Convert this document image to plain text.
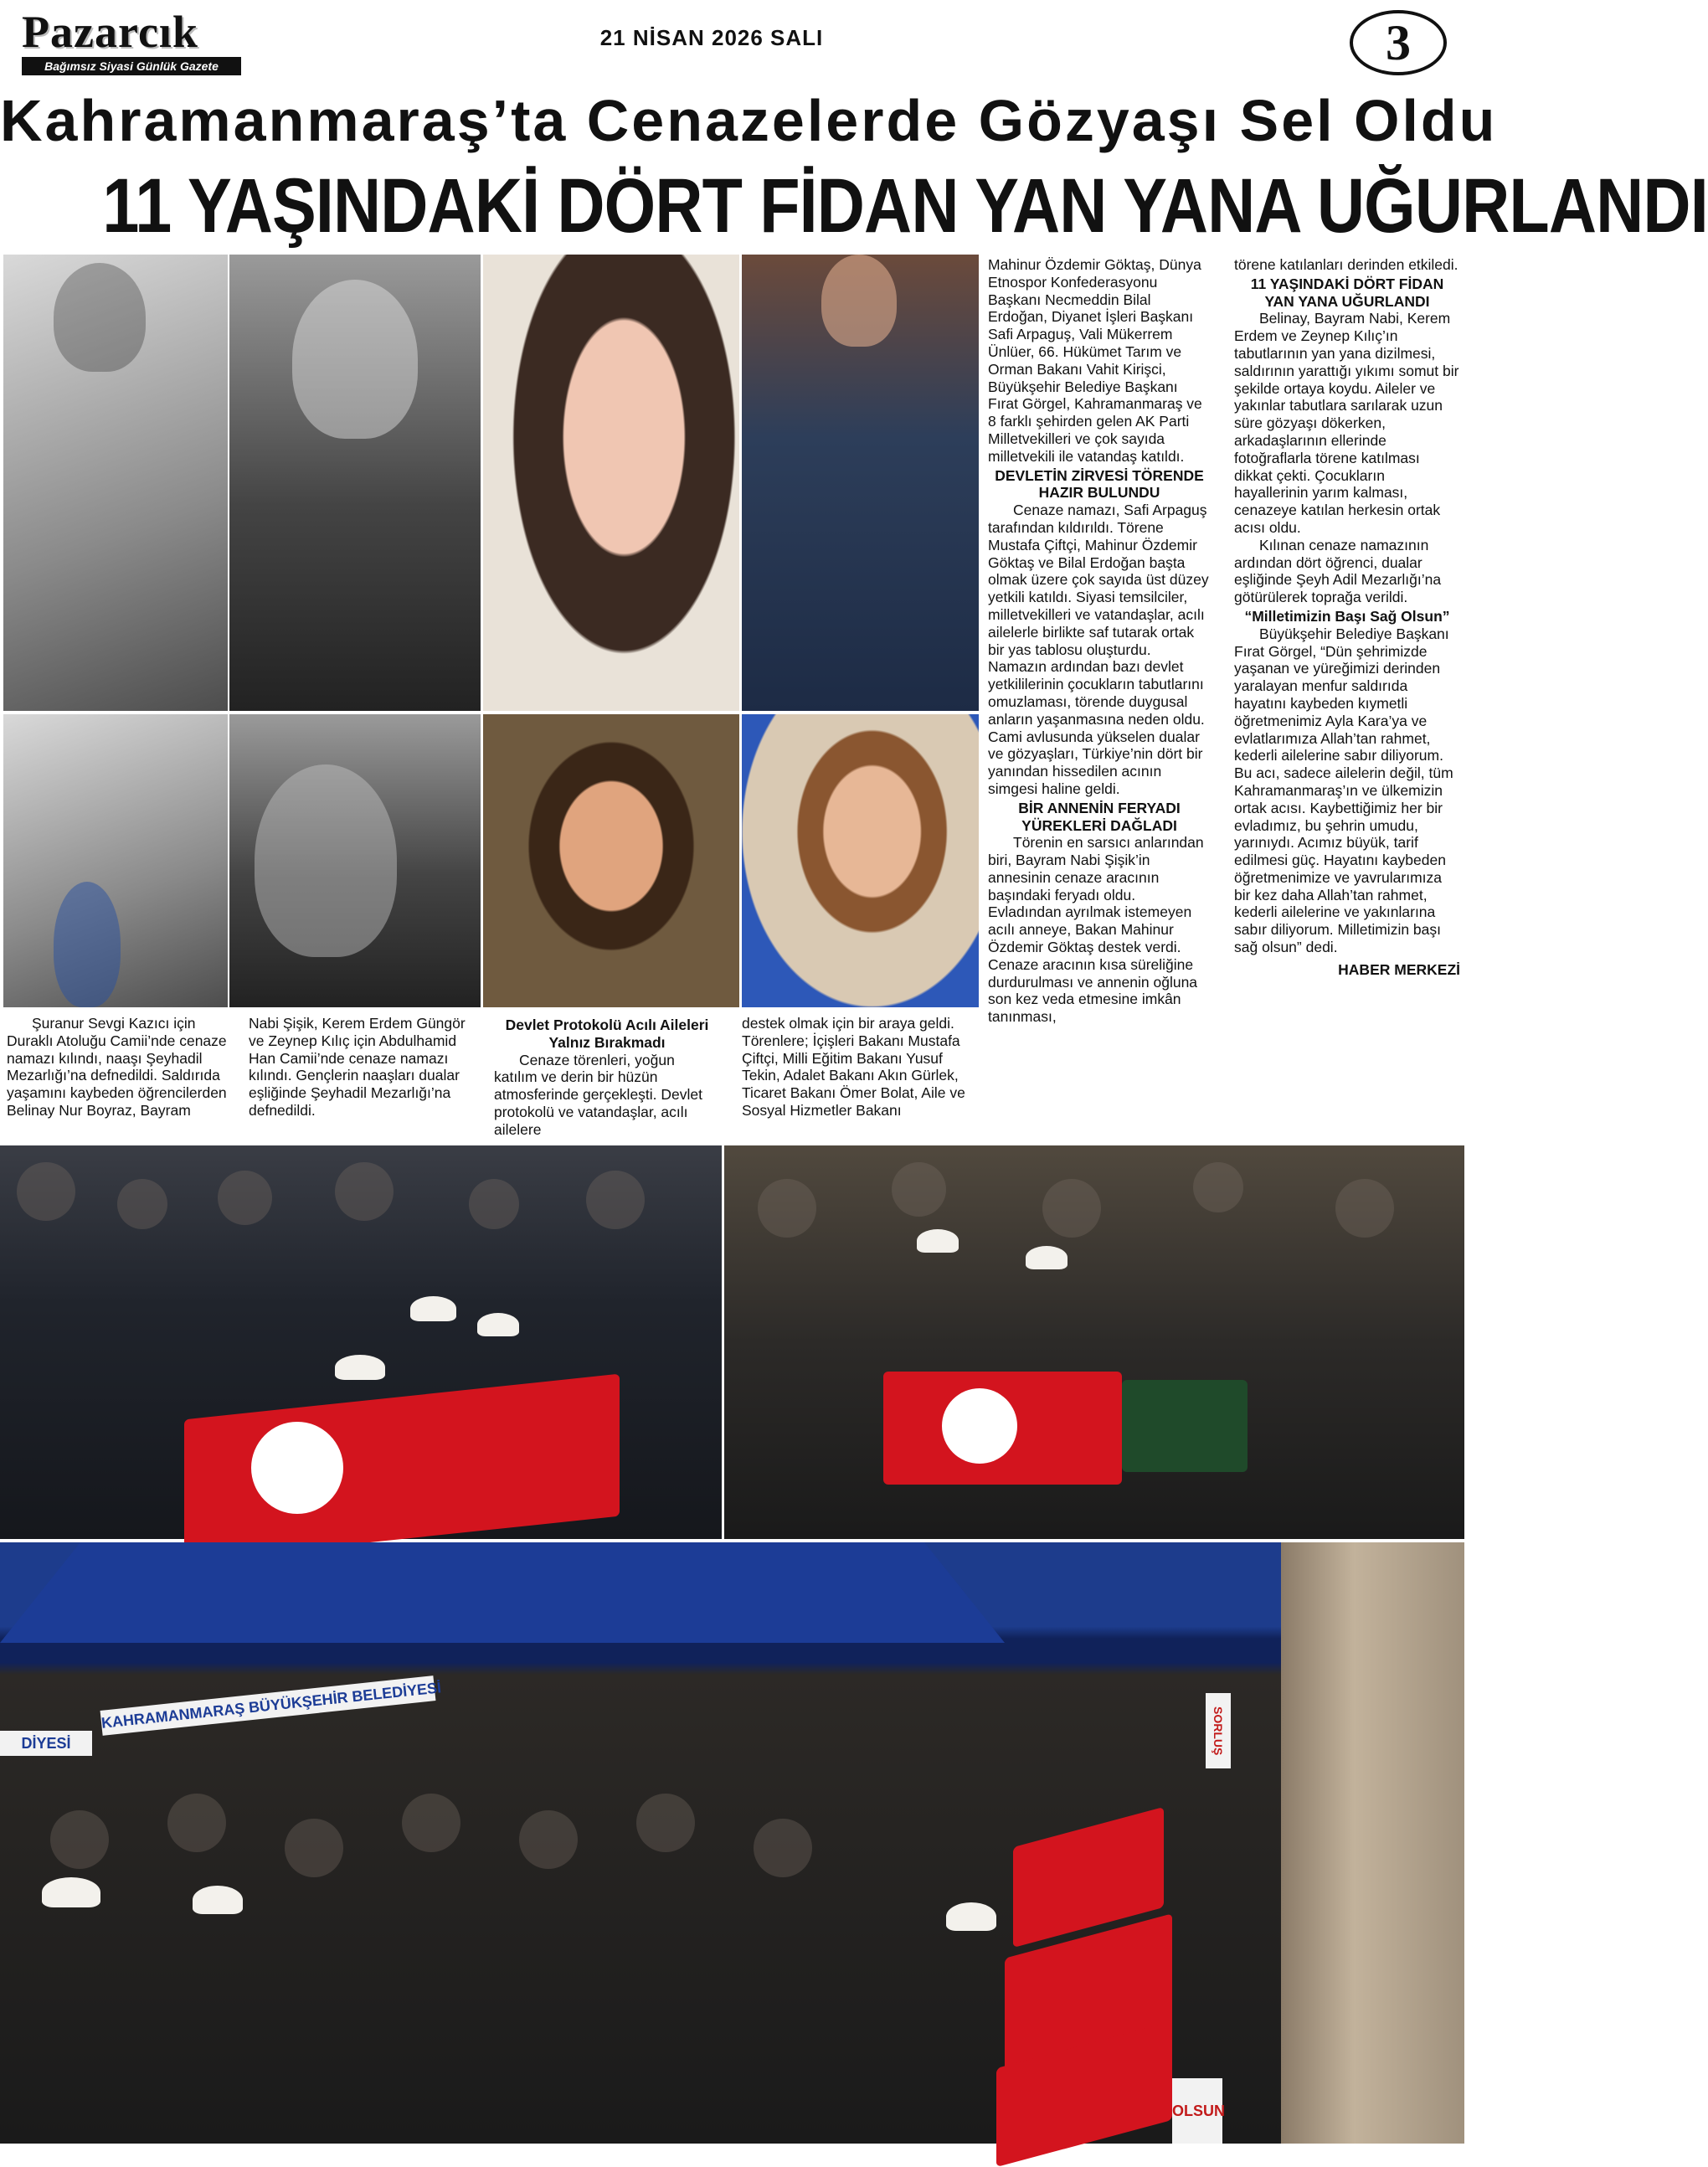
Pazarcık
Bağımsız Siyasi Günlük Gazete
21 NİSAN 2026 SALI	3
Kahramanmaraş’ta Cenazelerde Gözyaşı Sel Oldu
11 YAŞINDAKİ DÖRT FİDAN YAN YANA UĞURLANDI

Şuranur Sevgi Kazıcı için Duraklı Atoluğu Camii’nde cenaze namazı kılındı, naaşı Şeyhadil Mezarlığı’na defnedildi. Saldırıda yaşamını kaybeden öğrencilerden Belinay Nur Boyraz, Bayram

Nabi Şişik, Kerem Erdem Güngör ve Zeynep Kılıç için Abdulhamid Han Camii’nde cenaze namazı kılındı. Gençlerin naaşları dualar eşliğinde Şeyhadil Mezarlığı’na defnedildi.

Devlet Protokolü Acılı Aileleri Yalnız Bırakmadı

Cenaze törenleri, yoğun katılım ve derin bir hüzün atmosferinde gerçekleşti. Devlet protokolü ve vatandaşlar, acılı ailelere

destek olmak için bir araya geldi. Törenlere; İçişleri Bakanı Mustafa Çiftçi, Milli Eğitim Bakanı Yusuf Tekin, Adalet Bakanı Akın Gürlek, Ticaret Bakanı Ömer Bolat, Aile ve Sosyal Hizmetler Bakanı

Mahinur Özdemir Göktaş, Dünya Etnospor Konfederasyonu Başkanı Necmeddin Bilal Erdoğan, Diyanet İşleri Başkanı Safi Arpaguş, Vali Mükerrem Ünlüer, 66. Hükümet Tarım ve Orman Bakanı Vahit Kirişci, Büyükşehir Belediye Başkanı Fırat Görgel, Kahramanmaraş ve 8 farklı şehirden gelen AK Parti Milletvekilleri ve çok sayıda milletvekili ile vatandaş katıldı.

DEVLETİN ZİRVESİ TÖRENDE HAZIR BULUNDU

Cenaze namazı, Safi Arpaguş tarafından kıldırıldı. Törene Mustafa Çiftçi, Mahinur Özdemir Göktaş ve Bilal Erdoğan başta olmak üzere çok sayıda üst düzey yetkili katıldı. Siyasi temsilciler, milletvekilleri ve vatandaşlar, acılı ailelerle birlikte saf tutarak ortak bir yas tablosu oluşturdu. Namazın ardından bazı devlet yetkililerinin çocukların tabutlarını omuzlaması, törende duygusal anların yaşanmasına neden oldu. Cami avlusunda yükselen dualar ve gözyaşları, Türkiye’nin dört bir yanından hissedilen acının simgesi haline geldi.

BİR ANNENİN FERYADI YÜREKLERİ DAĞLADI

Törenin en sarsıcı anlarından biri, Bayram Nabi Şişik’in annesinin cenaze aracının başındaki feryadı oldu. Evladından ayrılmak istemeyen acılı anneye, Bakan Mahinur Özdemir Göktaş destek verdi. Cenaze aracının kısa süreliğine durdurulması ve annenin oğluna son kez veda etmesine imkân tanınması,

törene katılanları derinden etkiledi.

11 YAŞINDAKİ DÖRT FİDAN YAN YANA UĞURLANDI

Belinay, Bayram Nabi, Kerem Erdem ve Zeynep Kılıç’ın tabutlarının yan yana dizilmesi, saldırının yarattığı yıkımı somut bir şekilde ortaya koydu. Aileler ve yakınlar tabutlara sarılarak uzun süre gözyaşı dökerken, arkadaşlarının ellerinde fotoğraflarla törene katılması dikkat çekti. Çocukların hayallerinin yarım kalması, cenazeye katılan herkesin ortak acısı oldu.

Kılınan cenaze namazının ardından dört öğrenci, dualar eşliğinde Şeyh Adil Mezarlığı’na götürülerek toprağa verildi.

“Milletimizin Başı Sağ Olsun”

Büyükşehir Belediye Başkanı Fırat Görgel, “Dün şehrimizde yaşanan ve yüreğimizi derinden yaralayan menfur saldırıda hayatını kaybeden kıymetli öğretmenimiz Ayla Kara’ya ve evlatlarımıza Allah’tan rahmet, kederli ailelerine sabır diliyorum. Bu acı, sadece ailelerin değil, tüm Kahramanmaraş’ın ve ülkemizin ortak acısı. Kaybettiğimiz her bir evladımız, bu şehrin umudu, yarınıydı. Acımız büyük, tarif edilmesi güç. Hayatını kaybeden öğretmenimize ve yavrularımıza bir kez daha Allah’tan rahmet, kederli ailelerine ve yakınlarına sabır diliyorum. Milletimizin başı sağ olsun” dedi.

HABER MERKEZİ

DİYESİ
KAHRAMANMARAŞ BÜYÜKŞEHİR BELEDİYESİ	SORLUŞ
OLSUN
